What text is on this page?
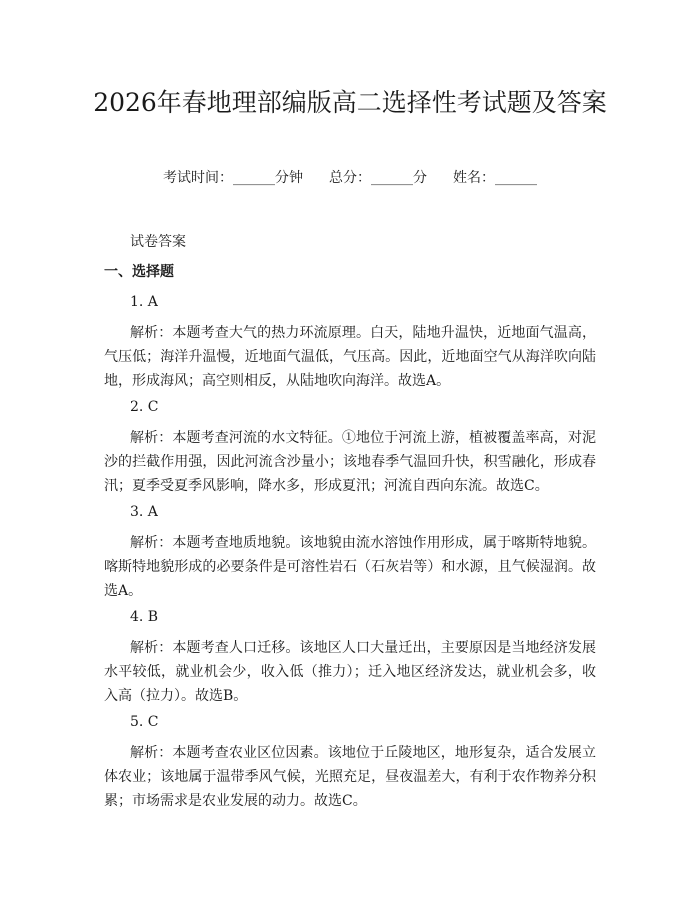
2026年春地理部编版高二选择性考试题及答案
考试时间：______分钟 总分：______分 姓名：______
试卷答案
一、选择题
1. A
解析：本题考查大气的热力环流原理。白天，陆地升温快，近地面气温高，气压低；海洋升温慢，近地面气温低，气压高。因此，近地面空气从海洋吹向陆地，形成海风；高空则相反，从陆地吹向海洋。故选A。
2. C
解析：本题考查河流的水文特征。①地位于河流上游，植被覆盖率高，对泥沙的拦截作用强，因此河流含沙量小；该地春季气温回升快，积雪融化，形成春汛；夏季受夏季风影响，降水多，形成夏汛；河流自西向东流。故选C。
3. A
解析：本题考查地质地貌。该地貌由流水溶蚀作用形成，属于喀斯特地貌。喀斯特地貌形成的必要条件是可溶性岩石（石灰岩等）和水源，且气候湿润。故选A。
4. B
解析：本题考查人口迁移。该地区人口大量迁出，主要原因是当地经济发展水平较低，就业机会少，收入低（推力）；迁入地区经济发达，就业机会多，收入高（拉力）。故选B。
5. C
解析：本题考查农业区位因素。该地位于丘陵地区，地形复杂，适合发展立体农业；该地属于温带季风气候，光照充足，昼夜温差大，有利于农作物养分积累；市场需求是农业发展的动力。故选C。
